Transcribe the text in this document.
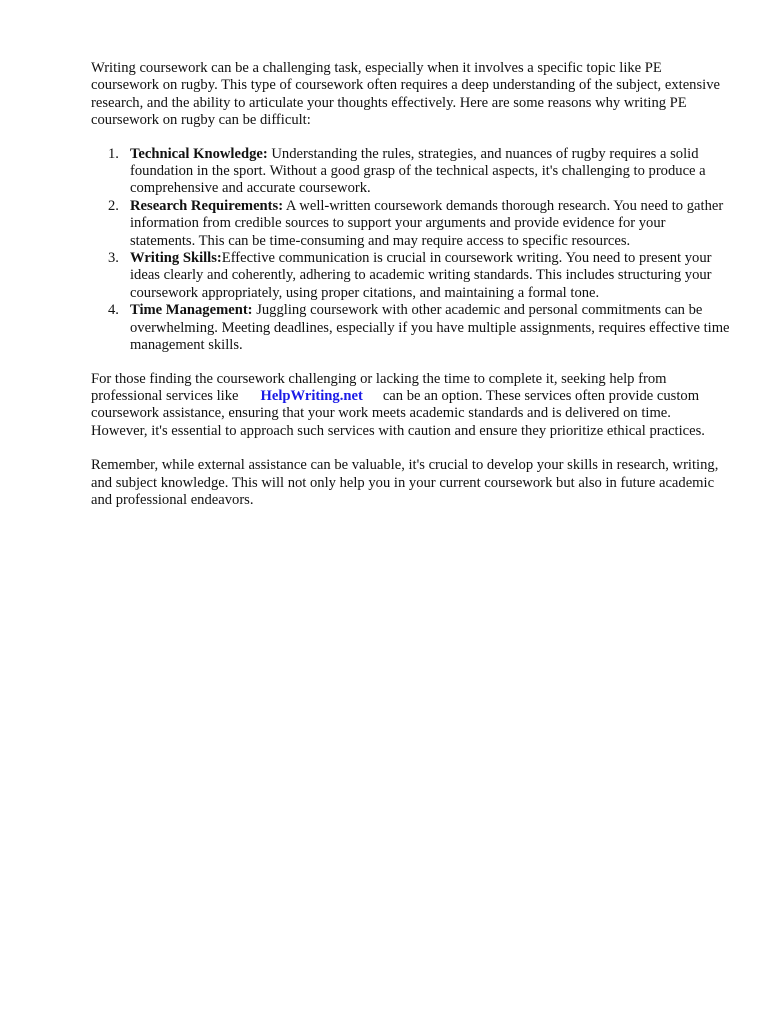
Writing coursework can be a challenging task, especially when it involves a specific topic like PE coursework on rugby. This type of coursework often requires a deep understanding of the subject, extensive research, and the ability to articulate your thoughts effectively. Here are some reasons why writing PE coursework on rugby can be difficult:

1. Technical Knowledge: Understanding the rules, strategies, and nuances of rugby requires a solid foundation in the sport. Without a good grasp of the technical aspects, it's challenging to produce a comprehensive and accurate coursework.
2. Research Requirements: A well-written coursework demands thorough research. You need to gather information from credible sources to support your arguments and provide evidence for your statements. This can be time-consuming and may require access to specific resources.
3. Writing Skills:Effective communication is crucial in coursework writing. You need to present your ideas clearly and coherently, adhering to academic writing standards. This includes structuring your coursework appropriately, using proper citations, and maintaining a formal tone.
4. Time Management: Juggling coursework with other academic and personal commitments can be overwhelming. Meeting deadlines, especially if you have multiple assignments, requires effective time management skills.

For those finding the coursework challenging or lacking the time to complete it, seeking help from professional services like HelpWriting.net can be an option. These services often provide custom coursework assistance, ensuring that your work meets academic standards and is delivered on time. However, it's essential to approach such services with caution and ensure they prioritize ethical practices.

Remember, while external assistance can be valuable, it's crucial to develop your skills in research, writing, and subject knowledge. This will not only help you in your current coursework but also in future academic and professional endeavors.
